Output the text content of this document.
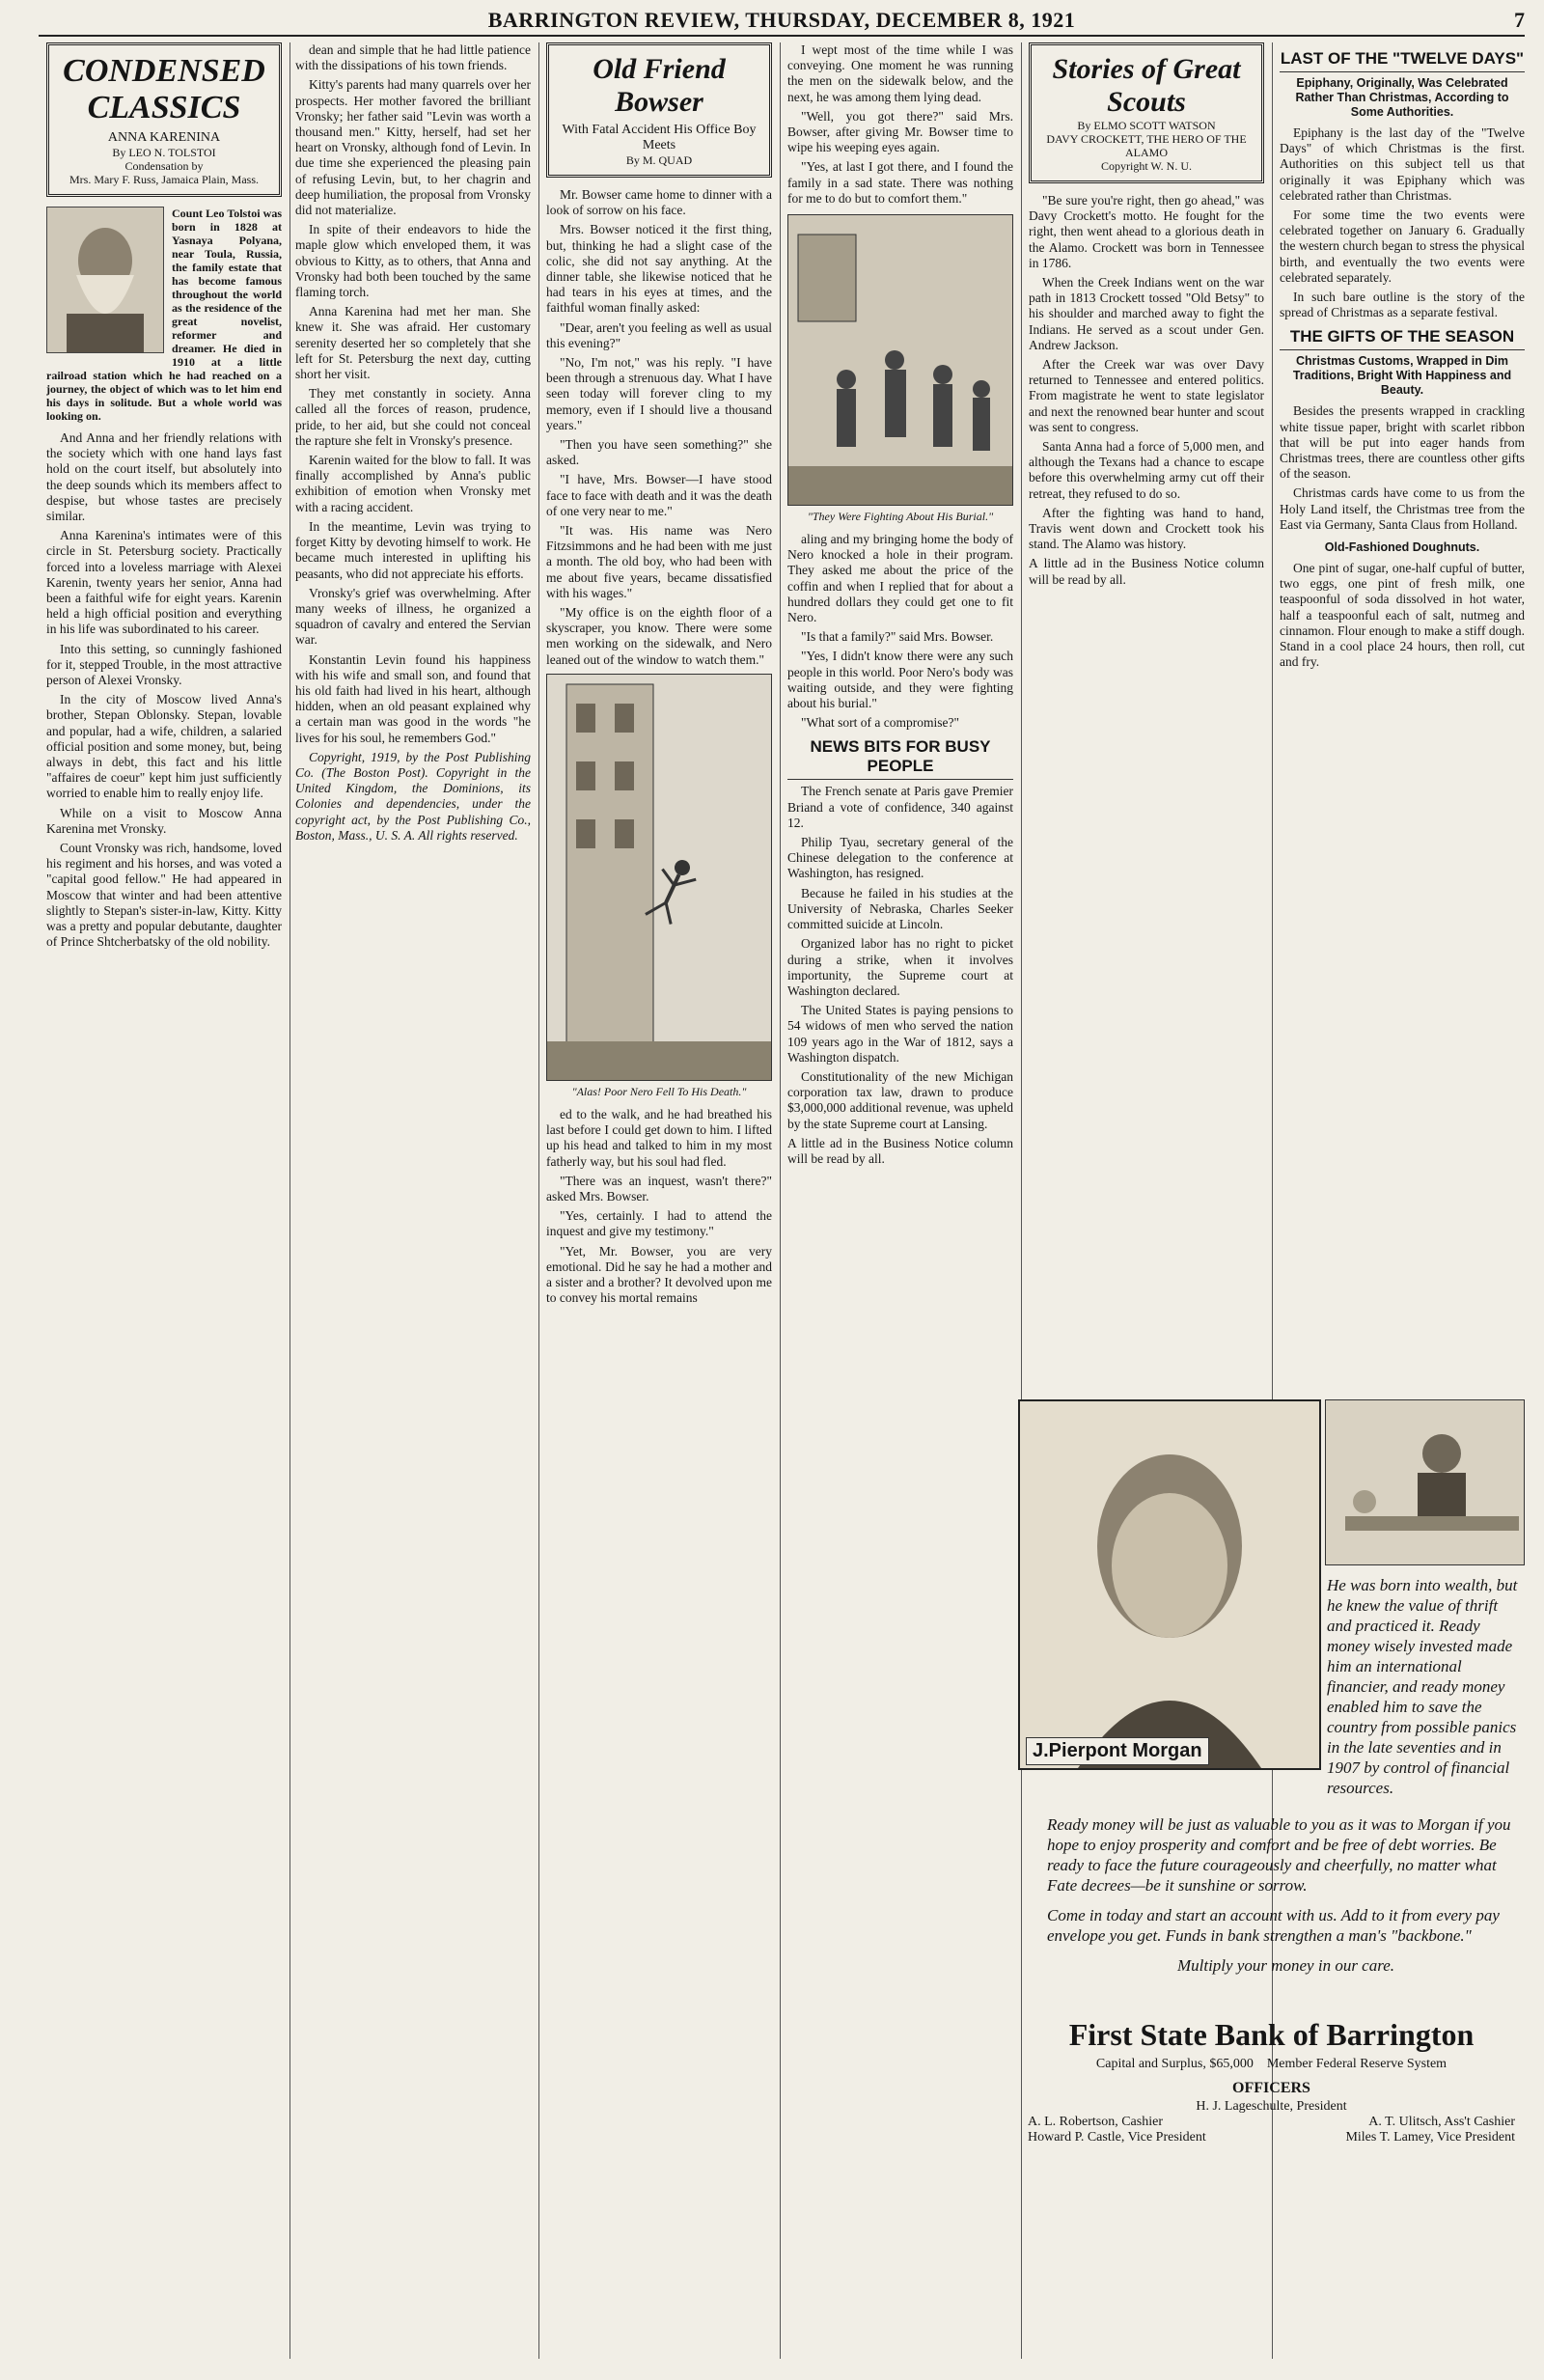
BARRINGTON REVIEW, THURSDAY, DECEMBER 8, 1921	7
CONDENSED CLASSICS
ANNA KARENINA
By LEO N. TOLSTOI
Condensation by
Mrs. Mary F. Russ, Jamaica Plain, Mass.
Count Leo Tolstoi was born in 1828 at Yasnaya Polyana, near Toula, Russia, the family estate that has become famous throughout the world as the residence of the great novelist, reformer and dreamer. He died in 1910 at a little railroad station which he had reached on a journey, the object of which was to let him end his days in solitude. But a whole world was looking on.

And Anna and her friendly relations with the society which with one hand lays fast hold on the court itself, but absolutely into the deep sounds which its members affect to despise, but whose tastes are precisely similar.

Anna Karenina's intimates were of this circle in St. Petersburg society. Practically forced into a loveless marriage with Alexei Karenin, twenty years her senior, Anna had been a faithful wife for eight years. Karenin held a high official position and everything in his life was subordinated to his career.

Into this setting, so cunningly fashioned for it, stepped Trouble, in the most attractive person of Alexei Vronsky.

In the city of Moscow lived Anna's brother, Stepan Oblonsky. Stepan, lovable and popular, had a wife, children, a salaried official position and some money, but, being always in debt, this fact and his little "affaires de coeur" kept him just sufficiently worried to enable him to really enjoy life.

While on a visit to Moscow Anna Karenina met Vronsky.

Count Vronsky was rich, handsome, loved his regiment and his horses, and was voted a "capital good fellow." He had appeared in Moscow that winter and had been attentive slightly to Stepan's sister-in-law, Kitty. Kitty was a pretty and popular debutante, daughter of Prince Shtcherbatsky of the old nobility.

dean and simple that he had little patience with the dissipations of his town friends.

Kitty's parents had many quarrels over her prospects. Her mother favored the brilliant Vronsky; her father said "Levin was worth a thousand men." Kitty, herself, had set her heart on Vronsky, although fond of Levin. In due time she experienced the pleasing pain of refusing Levin, but, to her chagrin and deep humiliation, the proposal from Vronsky did not materialize.

In spite of their endeavors to hide the maple glow which enveloped them, it was obvious to Kitty, as to others, that Anna and Vronsky had both been touched by the same flaming torch.

Anna Karenina had met her man. She knew it. She was afraid. Her customary serenity deserted her so completely that she left for St. Petersburg the next day, cutting short her visit.

They met constantly in society. Anna called all the forces of reason, prudence, pride, to her aid, but she could not conceal the rapture she felt in Vronsky's presence.

Karenin waited for the blow to fall. It was finally accomplished by Anna's public exhibition of emotion when Vronsky met with a racing accident.

In the meantime, Levin was trying to forget Kitty by devoting himself to work. He became much interested in uplifting his peasants, who did not appreciate his efforts.

Vronsky's grief was overwhelming. After many weeks of illness, he organized a squadron of cavalry and entered the Servian war.

Konstantin Levin found his happiness with his wife and small son, and found that his old faith had lived in his heart, although hidden, when an old peasant explained why a certain man was good in the words "he lives for his soul, he remembers God."

Copyright, 1919, by the Post Publishing Co. (The Boston Post). Copyright in the United Kingdom, the Dominions, its Colonies and dependencies, under the copyright act, by the Post Publishing Co., Boston, Mass., U. S. A. All rights reserved.

Old Friend Bowser
With Fatal Accident His Office Boy Meets
By M. QUAD

Mr. Bowser came home to dinner with a look of sorrow on his face.

Mrs. Bowser noticed it the first thing, but, thinking he had a slight case of the colic, she did not say anything. At the dinner table, she likewise noticed that he had tears in his eyes at times, and the faithful woman finally asked:

"Dear, aren't you feeling as well as usual this evening?"

"No, I'm not," was his reply. "I have been through a strenuous day. What I have seen today will forever cling to my memory, even if I should live a thousand years."

"Then you have seen something?" she asked.

"I have, Mrs. Bowser—I have stood face to face with death and it was the death of one very near to me."

"It was. His name was Nero Fitzsimmons and he had been with me just a month. The old boy, who had been with me about five years, became dissatisfied with his wages."

"My office is on the eighth floor of a skyscraper, you know. There were some men working on the sidewalk, and Nero leaned out of the window to watch them."

"Alas! Poor Nero Fell To His Death."

ed to the walk, and he had breathed his last before I could get down to him. I lifted up his head and talked to him in my most fatherly way, but his soul had fled.

"There was an inquest, wasn't there?" asked Mrs. Bowser.

"Yes, certainly. I had to attend the inquest and give my testimony."

"Yet, Mr. Bowser, you are very emotional. Did he say he had a mother and a sister and a brother? It devolved upon me to convey his mortal remains

I wept most of the time while I was conveying. One moment he was running the men on the sidewalk below, and the next, he was among them lying dead.

"Well, you got there?" said Mrs. Bowser, after giving Mr. Bowser time to wipe his weeping eyes again.

"Yes, at last I got there, and I found the family in a sad state. There was nothing for me to do but to comfort them."

"They Were Fighting About His Burial."

aling and my bringing home the body of Nero knocked a hole in their program. They asked me about the price of the coffin and when I replied that for about a hundred dollars they could get one to fit Nero.

"Is that a family?" said Mrs. Bowser.

"Yes, I didn't know there were any such people in this world. Poor Nero's body was waiting outside, and they were fighting about his burial."

"What sort of a compromise?"

NEWS BITS FOR BUSY PEOPLE

The French senate at Paris gave Premier Briand a vote of confidence, 340 against 12.

Philip Tyau, secretary general of the Chinese delegation to the conference at Washington, has resigned.

Because he failed in his studies at the University of Nebraska, Charles Seeker committed suicide at Lincoln.

Organized labor has no right to picket during a strike, when it involves importunity, the Supreme court at Washington declared.

The United States is paying pensions to 54 widows of men who served the nation 109 years ago in the War of 1812, says a Washington dispatch.

Constitutionality of the new Michigan corporation tax law, drawn to produce $3,000,000 additional revenue, was upheld by the state Supreme court at Lansing.

A little ad in the Business Notice column will be read by all.

Stories of Great Scouts
By ELMO SCOTT WATSON
DAVY CROCKETT, THE HERO OF THE ALAMO
Copyright W. N. U.

"Be sure you're right, then go ahead," was Davy Crockett's motto. He fought for the right, then went ahead to a glorious death in the Alamo. Crockett was born in Tennessee in 1786.

When the Creek Indians went on the war path in 1813 Crockett tossed "Old Betsy" to his shoulder and marched away to fight the Indians. He served as a scout under Gen. Andrew Jackson.

After the Creek war was over Davy returned to Tennessee and entered politics. From magistrate he went to state legislator and next the renowned bear hunter and scout was sent to congress.

Santa Anna had a force of 5,000 men, and although the Texans had a chance to escape before this overwhelming army cut off their retreat, they refused to do so.

After the fighting was hand to hand, Travis went down and Crockett took his stand. The Alamo was history.

A little ad in the Business Notice column will be read by all.

LAST OF THE "TWELVE DAYS"
Epiphany, Originally, Was Celebrated Rather Than Christmas, According to Some Authorities.

Epiphany is the last day of the "Twelve Days" of which Christmas is the first. Authorities on this subject tell us that originally it was Epiphany which was celebrated rather than Christmas.

For some time the two events were celebrated together on January 6. Gradually the western church began to stress the physical birth, and eventually the two events were celebrated separately.

In such bare outline is the story of the spread of Christmas as a separate festival.

THE GIFTS OF THE SEASON
Christmas Customs, Wrapped in Dim Traditions, Bright With Happiness and Beauty.

Besides the presents wrapped in crackling white tissue paper, bright with scarlet ribbon that will be put into eager hands from Christmas trees, there are countless other gifts of the season.

Christmas cards have come to us from the Holy Land itself, the Christmas tree from the East via Germany, Santa Claus from Holland.

Old-Fashioned Doughnuts.

One pint of sugar, one-half cupful of butter, two eggs, one pint of fresh milk, one teaspoonful of soda dissolved in hot water, half a teaspoonful each of salt, nutmeg and cinnamon. Flour enough to make a stiff dough. Stand in a cool place 24 hours, then roll, cut and fry.

J.Pierpont Morgan
He was born into wealth, but he knew the value of thrift and practiced it. Ready money wisely invested made him an international financier, and ready money enabled him to save the country from possible panics in the late seventies and in 1907 by control of financial resources.

Ready money will be just as valuable to you as it was to Morgan if you hope to enjoy prosperity and comfort and be free of debt worries. Be ready to face the future courageously and cheerfully, no matter what Fate decrees—be it sunshine or sorrow.

Come in today and start an account with us. Add to it from every pay envelope you get. Funds in bank strengthen a man's "backbone."

Multiply your money in our care.

First State Bank of Barrington
Capital and Surplus, $65,000 Member Federal Reserve System
OFFICERS
H. J. Lageschulte, President
A. L. Robertson, Cashier	A. T. Ulitsch, Ass't Cashier
Howard P. Castle, Vice President	Miles T. Lamey, Vice President
